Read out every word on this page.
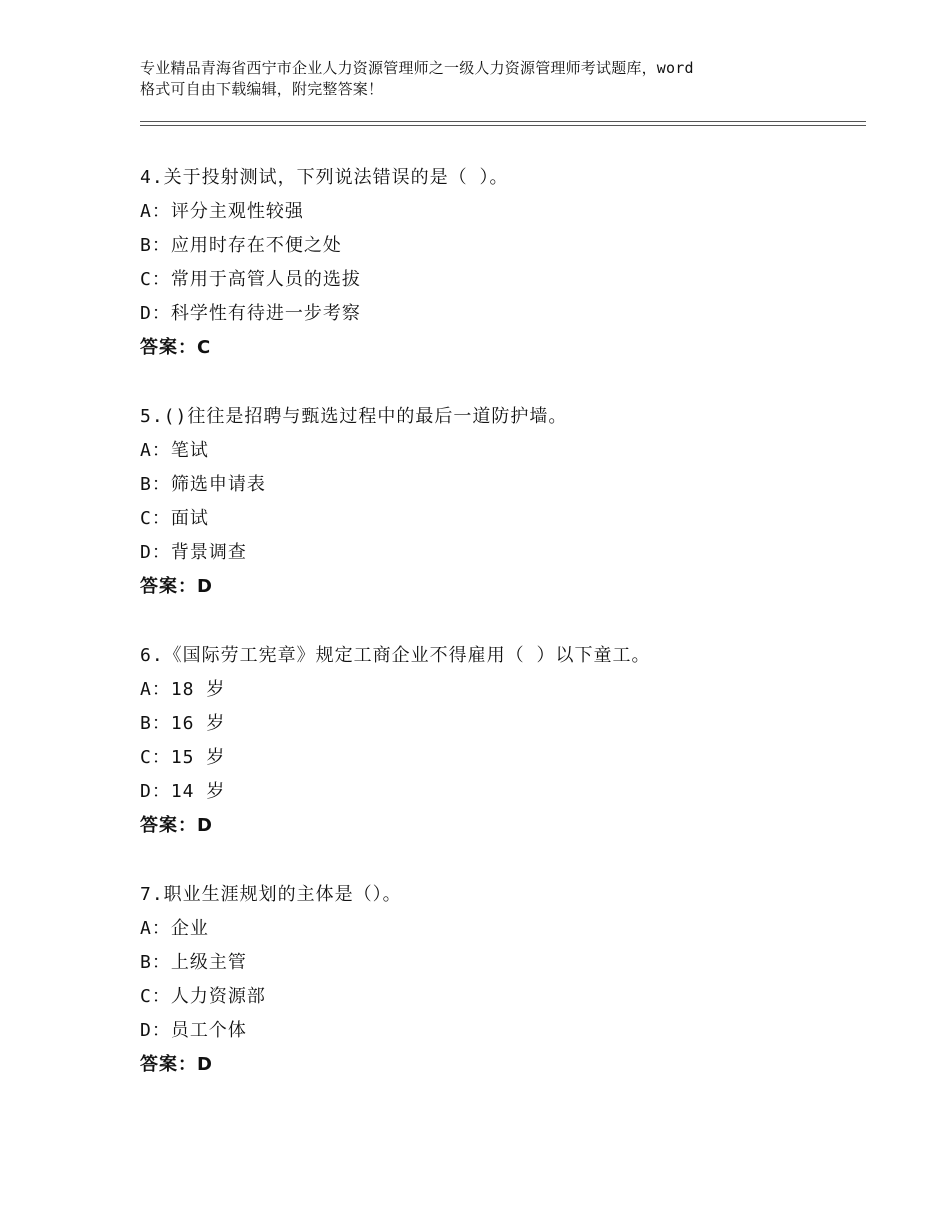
专业精品青海省西宁市企业人力资源管理师之一级人力资源管理师考试题库，word
格式可自由下载编辑，附完整答案！
4.关于投射测试，下列说法错误的是（ ）。
A：评分主观性较强
B：应用时存在不便之处
C：常用于高管人员的选拔
D：科学性有待进一步考察
答案：C
5.()往往是招聘与甄选过程中的最后一道防护墙。
A：笔试
B：筛选申请表
C：面试
D：背景调查
答案：D
6.《国际劳工宪章》规定工商企业不得雇用（ ）以下童工。
A：18 岁
B：16 岁
C：15 岁
D：14 岁
答案：D
7.职业生涯规划的主体是（）。
A：企业
B：上级主管
C：人力资源部
D：员工个体
答案：D
